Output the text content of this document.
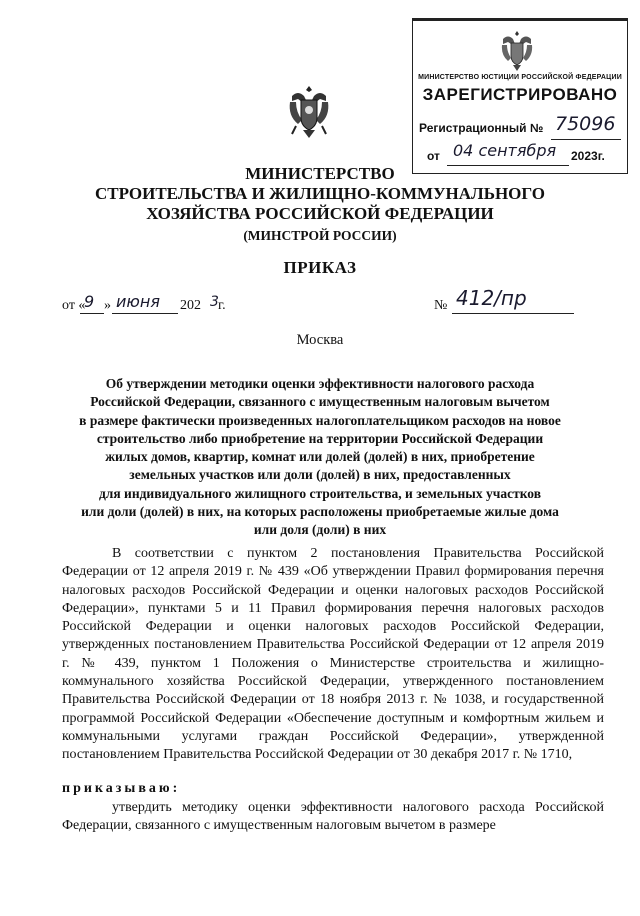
МИНИСТЕРСТВО ЮСТИЦИИ РОССИЙСКОЙ ФЕДЕРАЦИИ
ЗАРЕГИСТРИРОВАНО
Регистрационный № 75096
от 04 сентября 2023г.
МИНИСТЕРСТВО
СТРОИТЕЛЬСТВА И ЖИЛИЩНО-КОММУНАЛЬНОГО
ХОЗЯЙСТВА РОССИЙСКОЙ ФЕДЕРАЦИИ
(МИНСТРОЙ РОССИИ)
ПРИКАЗ
от «
9 » июня 202 3 г.	№ 412/пр
Москва
Об утверждении методики оценки эффективности налогового расхода
Российской Федерации, связанного с имущественным налоговым вычетом
в размере фактически произведенных налогоплательщиком расходов на новое
строительство либо приобретение на территории Российской Федерации
жилых домов, квартир, комнат или долей (долей) в них, приобретение
земельных участков или доли (долей) в них, предоставленных
для индивидуального жилищного строительства, и земельных участков
или доли (долей) в них, на которых расположены приобретаемые жилые дома
или доля (доли) в них
В соответствии с пунктом 2 постановления Правительства Российской Федерации от 12 апреля 2019 г. № 439 «Об утверждении Правил формирования перечня налоговых расходов Российской Федерации и оценки налоговых расходов Российской Федерации», пунктами 5 и 11 Правил формирования перечня налоговых расходов Российской Федерации и оценки налоговых расходов Российской Федерации, утвержденных постановлением Правительства Российской Федерации от 12 апреля 2019 г. № 439, пунктом 1 Положения о Министерстве строительства и жилищно-коммунального хозяйства Российской Федерации, утвержденного постановлением Правительства Российской Федерации от 18 ноября 2013 г. № 1038, и государственной программой Российской Федерации «Обеспечение доступным и комфортным жильем и коммунальными услугами граждан Российской Федерации», утвержденной постановлением Правительства Российской Федерации от 30 декабря 2017 г. № 1710,
приказываю:
утвердить методику оценки эффективности налогового расхода Российской Федерации, связанного с имущественным налоговым вычетом в размере
